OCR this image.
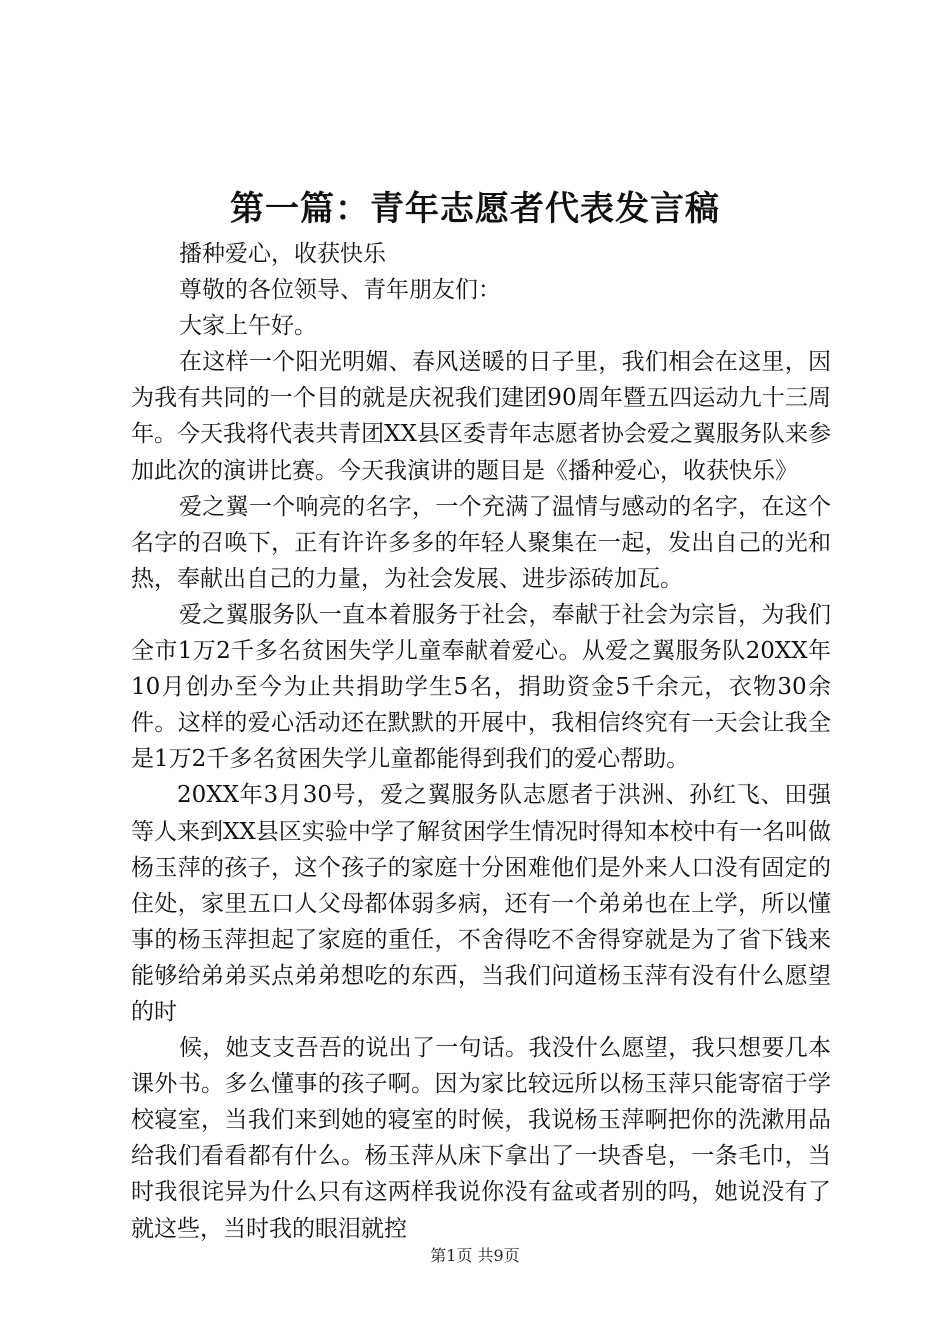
第一篇：青年志愿者代表发言稿

播种爱心，收获快乐

尊敬的各位领导、青年朋友们：

大家上午好。

在这样一个阳光明媚、春风送暖的日子里，我们相会在这里，因为我有共同的一个目的就是庆祝我们建团90周年暨五四运动九十三周年。今天我将代表共青团XX县区委青年志愿者协会爱之翼服务队来参加此次的演讲比赛。今天我演讲的题目是《播种爱心，收获快乐》

爱之翼一个响亮的名字，一个充满了温情与感动的名字，在这个名字的召唤下，正有许许多多的年轻人聚集在一起，发出自己的光和热，奉献出自己的力量，为社会发展、进步添砖加瓦。

爱之翼服务队一直本着服务于社会，奉献于社会为宗旨，为我们全市1万2千多名贫困失学儿童奉献着爱心。从爱之翼服务队20XX年10月创办至今为止共捐助学生5名，捐助资金5千余元，衣物30余件。这样的爱心活动还在默默的开展中，我相信终究有一天会让我全是1万2千多名贫困失学儿童都能得到我们的爱心帮助。

20XX年3月30号，爱之翼服务队志愿者于洪洲、孙红飞、田强等人来到XX县区实验中学了解贫困学生情况时得知本校中有一名叫做杨玉萍的孩子，这个孩子的家庭十分困难他们是外来人口没有固定的住处，家里五口人父母都体弱多病，还有一个弟弟也在上学，所以懂事的杨玉萍担起了家庭的重任，不舍得吃不舍得穿就是为了省下钱来能够给弟弟买点弟弟想吃的东西，当我们问道杨玉萍有没有什么愿望的时

候，她支支吾吾的说出了一句话。我没什么愿望，我只想要几本课外书。多么懂事的孩子啊。因为家比较远所以杨玉萍只能寄宿于学校寝室，当我们来到她的寝室的时候，我说杨玉萍啊把你的洗漱用品给我们看看都有什么。杨玉萍从床下拿出了一块香皂，一条毛巾，当时我很诧异为什么只有这两样我说你没有盆或者别的吗，她说没有了就这些，当时我的眼泪就控

第1页 共9页
